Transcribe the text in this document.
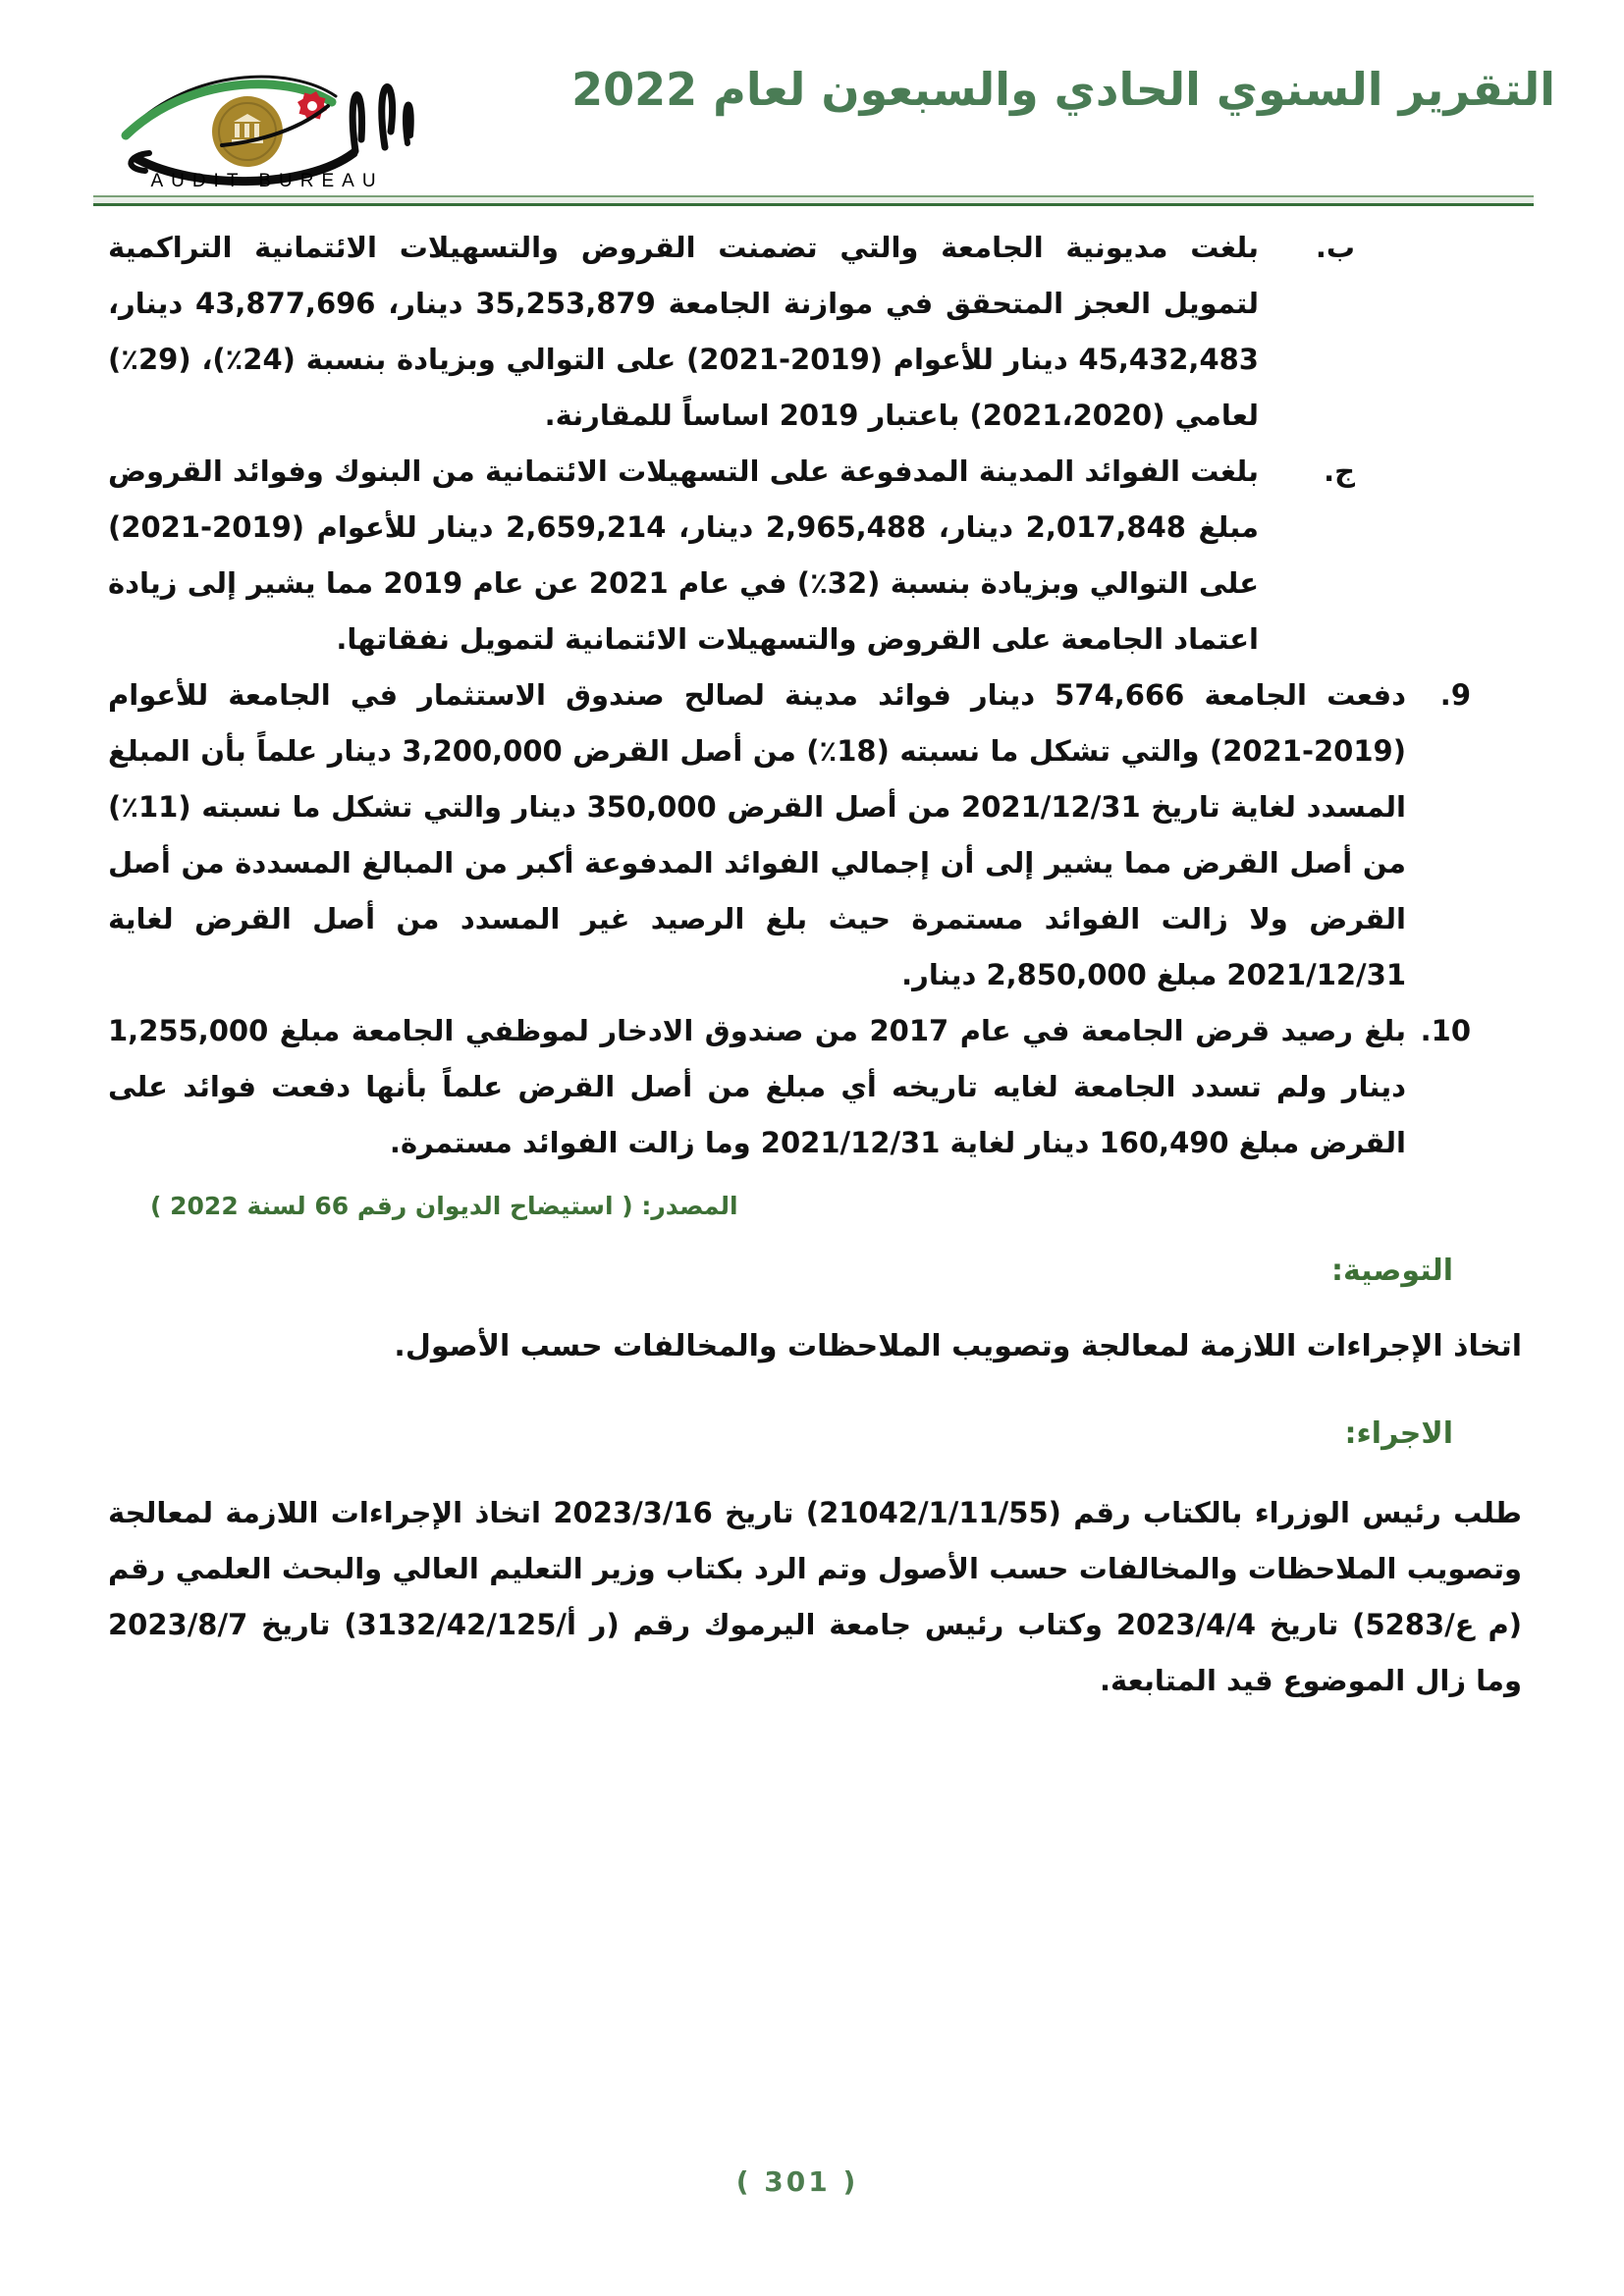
AUDIT BUREAU
التقرير السنوي الحادي والسبعون لعام 2022
ب.
بلغت مديونية الجامعة والتي تضمنت القروض والتسهيلات الائتمانية التراكمية لتمويل العجز المتحقق في موازنة الجامعة 35,253,879 دينار، 43,877,696 دينار، 45,432,483 دينار للأعوام (2019-2021) على التوالي وبزيادة بنسبة (24٪)، (29٪) لعامي (2021،2020) باعتبار 2019 اساساً للمقارنة.
ج.
بلغت الفوائد المدينة المدفوعة على التسهيلات الائتمانية من البنوك وفوائد القروض مبلغ 2,017,848 دينار، 2,965,488 دينار، 2,659,214 دينار للأعوام (2019-2021) على التوالي وبزيادة بنسبة (32٪) في عام 2021 عن عام 2019 مما يشير إلى زيادة اعتماد الجامعة على القروض والتسهيلات الائتمانية لتمويل نفقاتها.
9.
دفعت الجامعة 574,666 دينار فوائد مدينة لصالح صندوق الاستثمار في الجامعة للأعوام (2019-2021) والتي تشكل ما نسبته (18٪) من أصل القرض 3,200,000 دينار علماً بأن المبلغ المسدد لغاية تاريخ 2021/12/31 من أصل القرض 350,000 دينار والتي تشكل ما نسبته (11٪) من أصل القرض مما يشير إلى أن إجمالي الفوائد المدفوعة أكبر من المبالغ المسددة من أصل القرض ولا زالت الفوائد مستمرة حيث بلغ الرصيد غير المسدد من أصل القرض لغاية 2021/12/31 مبلغ 2,850,000 دينار.
10.
بلغ رصيد قرض الجامعة في عام 2017 من صندوق الادخار لموظفي الجامعة مبلغ 1,255,000 دينار ولم تسدد الجامعة لغايه تاريخه أي مبلغ من أصل القرض علماً بأنها دفعت فوائد على القرض مبلغ 160,490 دينار لغاية 2021/12/31 وما زالت الفوائد مستمرة.
المصدر: ( استيضاح الديوان رقم 66 لسنة 2022 )
التوصية:
اتخاذ الإجراءات اللازمة لمعالجة وتصويب الملاحظات والمخالفات حسب الأصول.
الاجراء:
طلب رئيس الوزراء بالكتاب رقم (21042/1/11/55) تاريخ 2023/3/16 اتخاذ الإجراءات اللازمة لمعالجة وتصويب الملاحظات والمخالفات حسب الأصول وتم الرد بكتاب وزير التعليم العالي والبحث العلمي رقم (م ع/5283) تاريخ 2023/4/4 وكتاب رئيس جامعة اليرموك رقم (ر أ/3132/42/125) تاريخ 2023/8/7 وما زال الموضوع قيد المتابعة.
( 301 )
